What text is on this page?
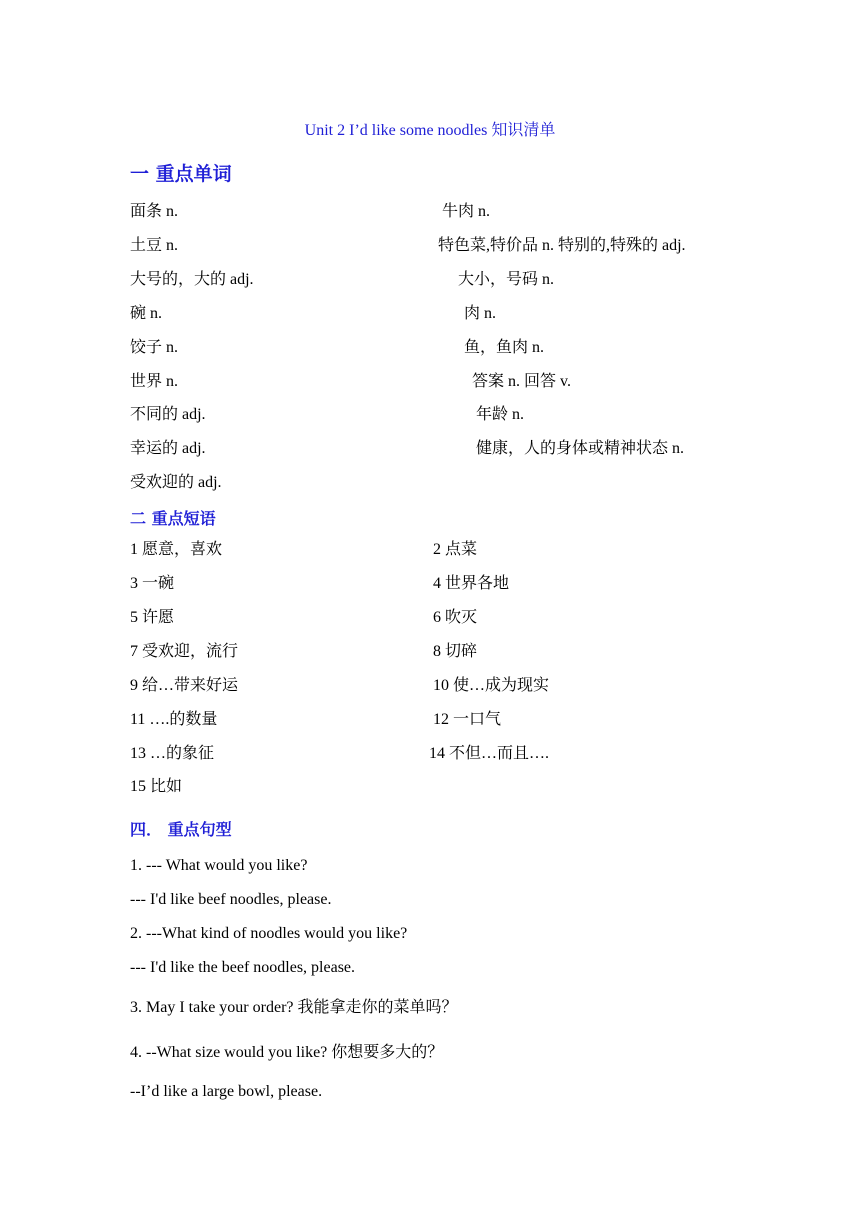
Unit 2 I’d like some noodles 知识清单
一 重点单词
面条 n.
土豆 n.
大号的，大的 adj.
碗 n.
饺子 n.
世界 n.
不同的 adj.
幸运的 adj.
受欢迎的 adj.
牛肉 n.
特色菜,特价品 n. 特别的,特殊的 adj.
大小，号码 n.
肉 n.
鱼，鱼肉 n.
答案 n. 回答 v.
年龄 n.
健康，人的身体或精神状态 n.
二 重点短语
1 愿意，喜欢
3 一碗
5 许愿
7 受欢迎，流行
9 给…带来好运
11 ….的数量
13 …的象征
15 比如
2 点菜
4 世界各地
6 吹灭
8 切碎
10 使…成为现实
12 一口气
14 不但…而且….
四． 重点句型
1. --- What would you like?
--- I'd like beef noodles, please.
2. ---What kind of noodles would you like?
--- I'd like the beef noodles, please.
3. May I take your order? 我能拿走你的菜单吗？
4. --What size would you like? 你想要多大的？
--I’d like a large bowl, please.
